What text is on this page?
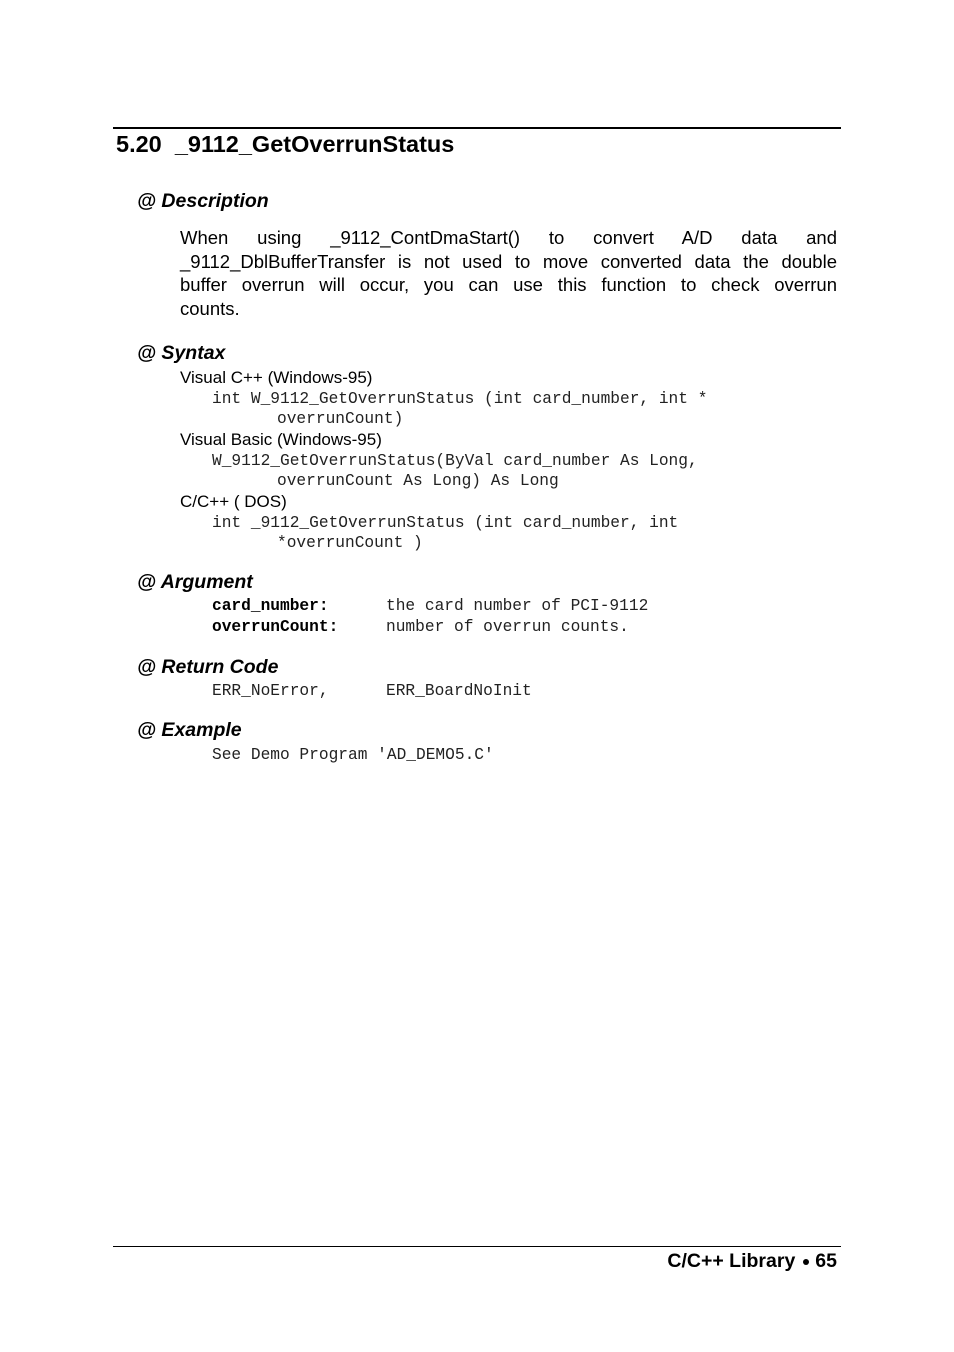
5.20 _9112_GetOverrunStatus
@ Description
When using _9112_ContDmaStart() to convert A/D data and
_9112_DblBufferTransfer is not used to move converted data the double
buffer overrun will occur, you can use this function to check overrun
counts.
@ Syntax
Visual C++ (Windows-95)
int W_9112_GetOverrunStatus (int card_number, int *
overrunCount)
Visual Basic (Windows-95)
W_9112_GetOverrunStatus(ByVal card_number As Long,
overrunCount As Long) As Long
C/C++ ( DOS)
int _9112_GetOverrunStatus (int card_number, int
*overrunCount )
@ Argument
card_number:	the card number of PCI-9112
overrunCount:	number of overrun counts.
@ Return Code
ERR_NoError,	ERR_BoardNoInit
@ Example
See Demo Program 'AD_DEMO5.C'
C/C++ Library 65
